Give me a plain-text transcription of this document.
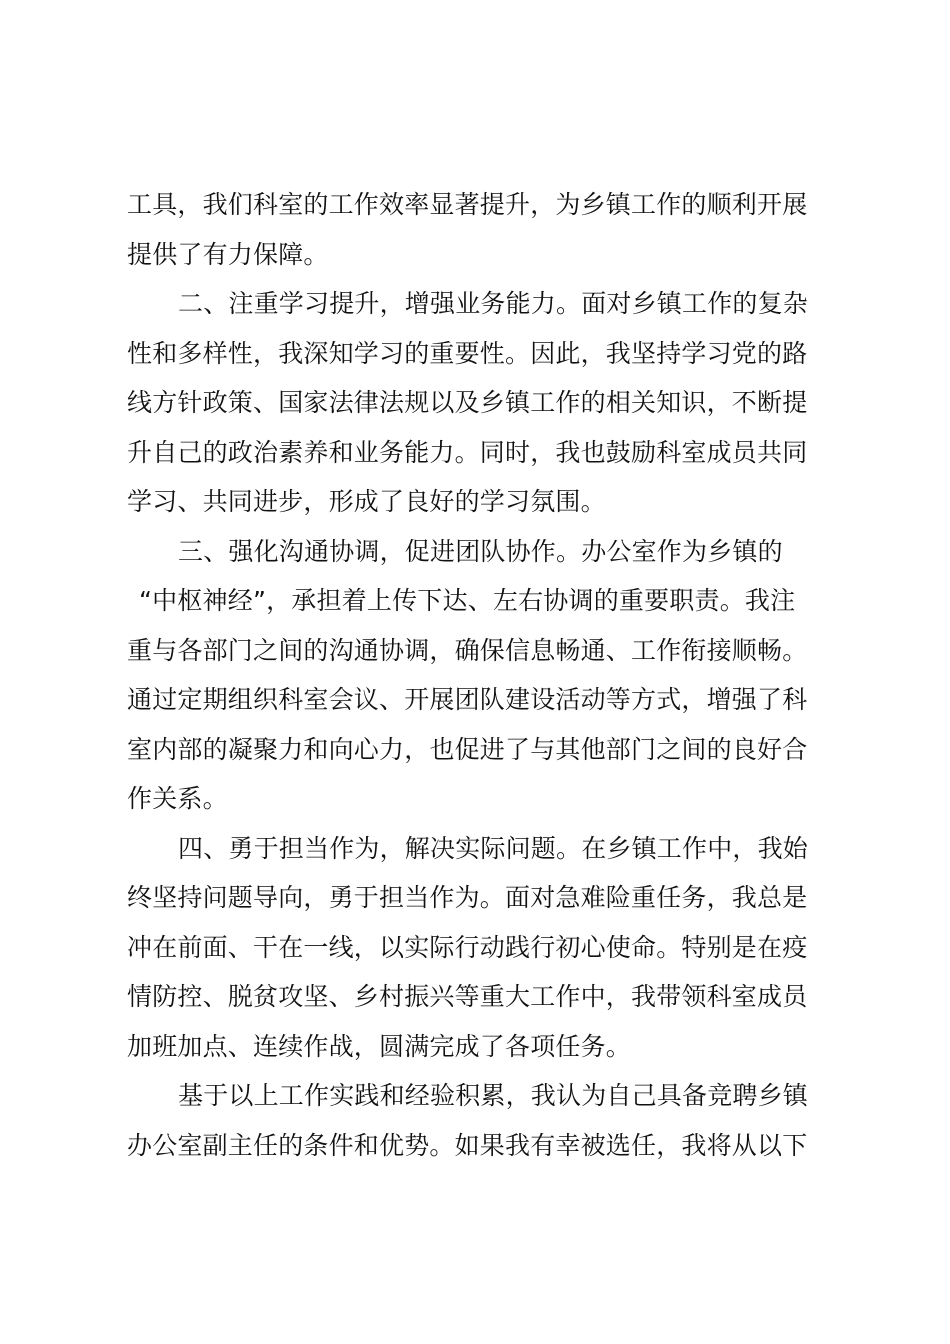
工具，我们科室的工作效率显著提升，为乡镇工作的顺利开展
提供了有力保障。
二、注重学习提升，增强业务能力。面对乡镇工作的复杂
性和多样性，我深知学习的重要性。因此，我坚持学习党的路
线方针政策、国家法律法规以及乡镇工作的相关知识，不断提
升自己的政治素养和业务能力。同时，我也鼓励科室成员共同
学习、共同进步，形成了良好的学习氛围。
三、强化沟通协调，促进团队协作。办公室作为乡镇的
“中枢神经”，承担着上传下达、左右协调的重要职责。我注
重与各部门之间的沟通协调，确保信息畅通、工作衔接顺畅。
通过定期组织科室会议、开展团队建设活动等方式，增强了科
室内部的凝聚力和向心力，也促进了与其他部门之间的良好合
作关系。
四、勇于担当作为，解决实际问题。在乡镇工作中，我始
终坚持问题导向，勇于担当作为。面对急难险重任务，我总是
冲在前面、干在一线，以实际行动践行初心使命。特别是在疫
情防控、脱贫攻坚、乡村振兴等重大工作中，我带领科室成员
加班加点、连续作战，圆满完成了各项任务。
基于以上工作实践和经验积累，我认为自己具备竞聘乡镇
办公室副主任的条件和优势。如果我有幸被选任，我将从以下
